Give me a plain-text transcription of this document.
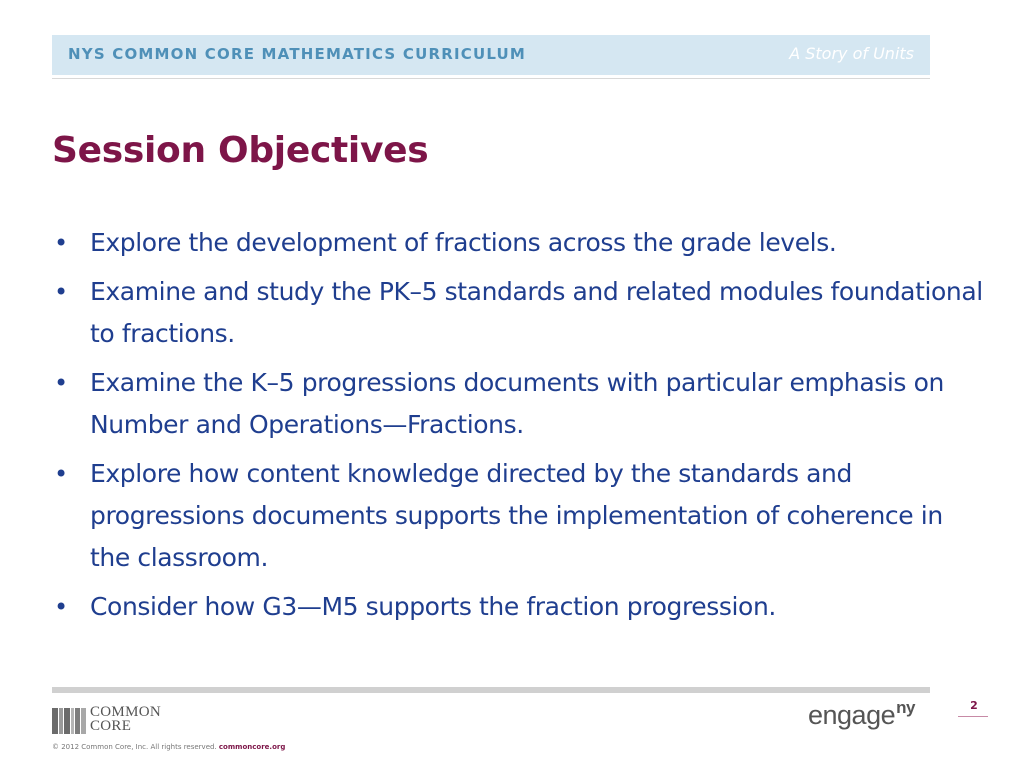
NYS COMMON CORE MATHEMATICS CURRICULUM	A Story of Units
Session Objectives
• Explore the development of fractions across the grade levels.
• Examine and study the PK–5 standards and related modules foundational to fractions.
• Examine the K–5 progressions documents with particular emphasis on Number and Operations—Fractions.
• Explore how content knowledge directed by the standards and progressions documents supports the implementation of coherence in the classroom.
• Consider how G3—M5 supports the fraction progression.
COMMON
CORE
© 2012 Common Core, Inc. All rights reserved. commoncore.org
engage$^{ny}$	2
